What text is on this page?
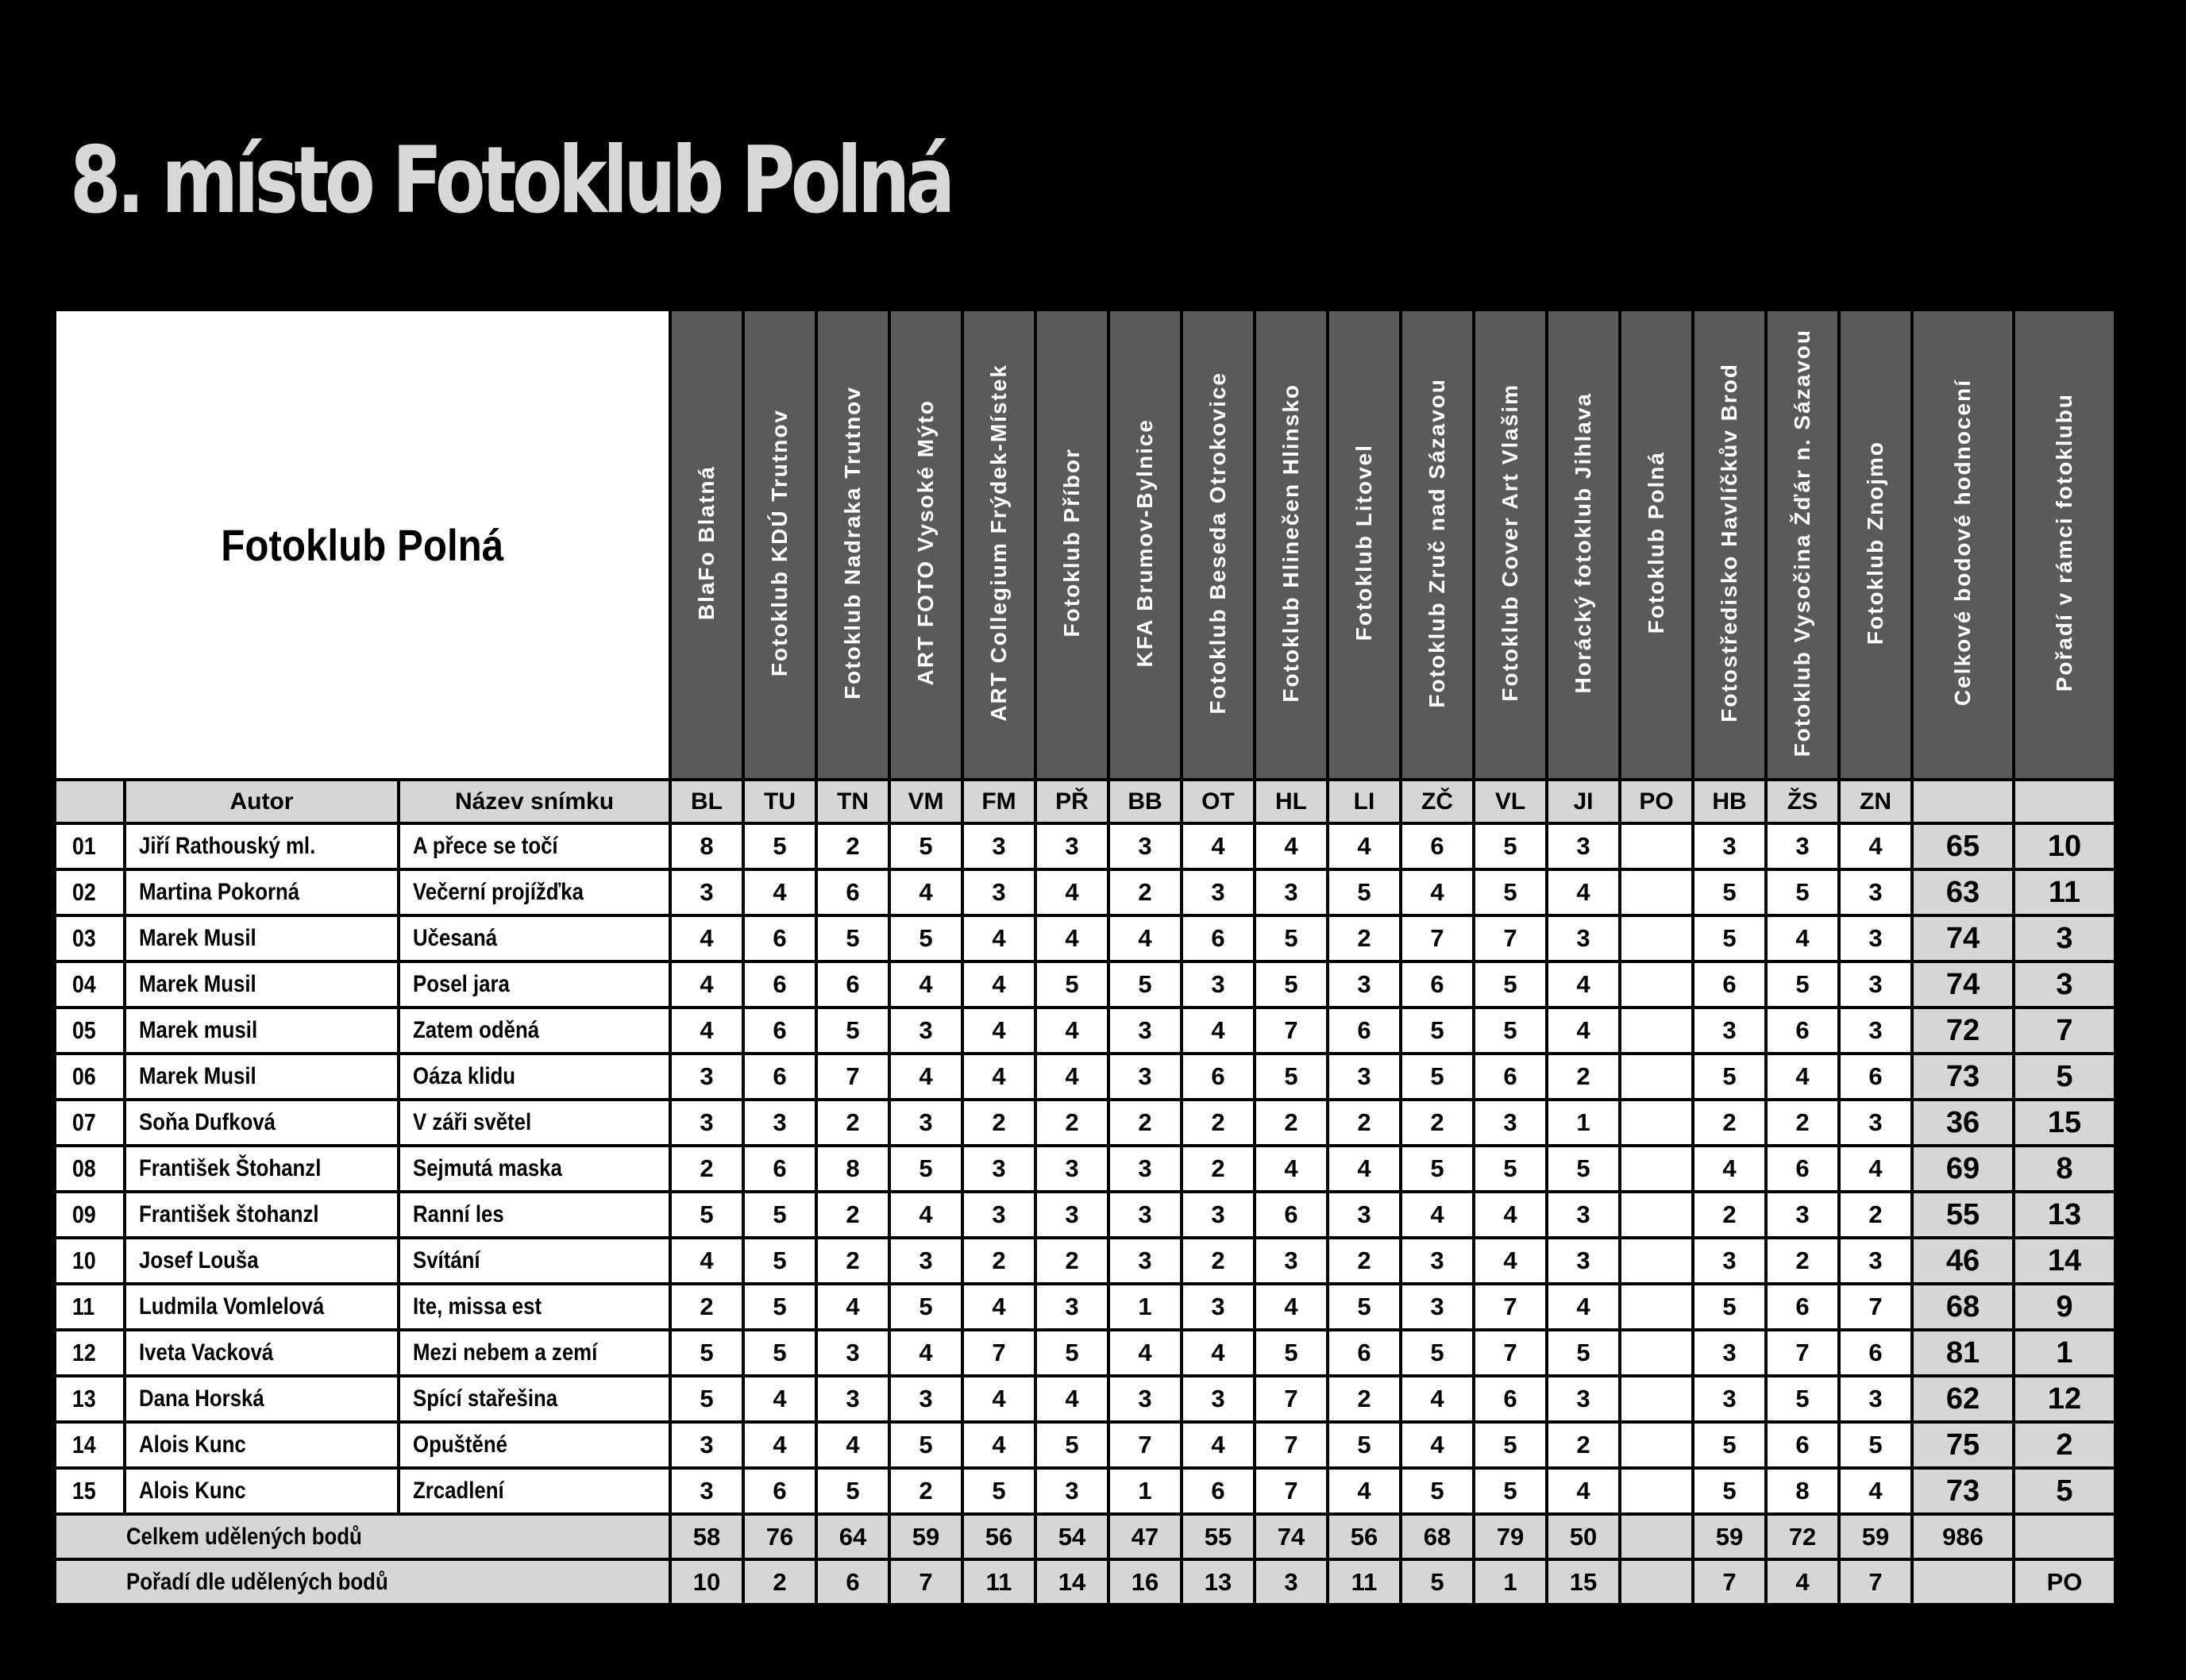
8. místo Fotoklub Polná
Fotoklub Polná			BlaFo Blatná	Fotoklub KDÚ Trutnov	Fotoklub Nadraka Trutnov	ART FOTO Vysoké Mýto	ART Collegium Frýdek-Místek	Fotoklub Příbor	KFA Brumov-Bylnice	Fotoklub Beseda Otrokovice	Fotoklub Hlinečen Hlinsko	Fotoklub Litovel	Fotoklub Zruč nad Sázavou	Fotoklub Cover Art Vlašim	Horácký fotoklub Jihlava	Fotoklub Polná	Fotostředisko Havlíčkův Brod	Fotoklub Vysočina Žďár n. Sázavou	Fotoklub Znojmo	Celkové bodové hodnocení	Pořadí v rámci fotoklubu
	Autor	Název snímku	BL	TU	TN	VM	FM	PŘ	BB	OT	HL	LI	ZČ	VL	JI	PO	HB	ŽS	ZN		
01	Jiří Rathouský ml.	A přece se točí	8	5	2	5	3	3	3	4	4	4	6	5	3		3	3	4	65	10
02	Martina Pokorná	Večerní projížďka	3	4	6	4	3	4	2	3	3	5	4	5	4		5	5	3	63	11
03	Marek Musil	Učesaná	4	6	5	5	4	4	4	6	5	2	7	7	3		5	4	3	74	3
04	Marek Musil	Posel jara	4	6	6	4	4	5	5	3	5	3	6	5	4		6	5	3	74	3
05	Marek musil	Zatem oděná	4	6	5	3	4	4	3	4	7	6	5	5	4		3	6	3	72	7
06	Marek Musil	Oáza klidu	3	6	7	4	4	4	3	6	5	3	5	6	2		5	4	6	73	5
07	Soňa Dufková	V záři světel	3	3	2	3	2	2	2	2	2	2	2	3	1		2	2	3	36	15
08	František Štohanzl	Sejmutá maska	2	6	8	5	3	3	3	2	4	4	5	5	5		4	6	4	69	8
09	František štohanzl	Ranní les	5	5	2	4	3	3	3	3	6	3	4	4	3		2	3	2	55	13
10	Josef Louša	Svítání	4	5	2	3	2	2	3	2	3	2	3	4	3		3	2	3	46	14
11	Ludmila Vomlelová	Ite, missa est	2	5	4	5	4	3	1	3	4	5	3	7	4		5	6	7	68	9
12	Iveta Vacková	Mezi nebem a zemí	5	5	3	4	7	5	4	4	5	6	5	7	5		3	7	6	81	1
13	Dana Horská	Spící stařešina	5	4	3	3	4	4	3	3	7	2	4	6	3		3	5	3	62	12
14	Alois Kunc	Opuštěné	3	4	4	5	4	5	7	4	7	5	4	5	2		5	6	5	75	2
15	Alois Kunc	Zrcadlení	3	6	5	2	5	3	1	6	7	4	5	5	4		5	8	4	73	5
Celkem udělených bodů			58	76	64	59	56	54	47	55	74	56	68	79	50		59	72	59	986	
Pořadí dle udělených bodů			10	2	6	7	11	14	16	13	3	11	5	1	15		7	4	7		PO
